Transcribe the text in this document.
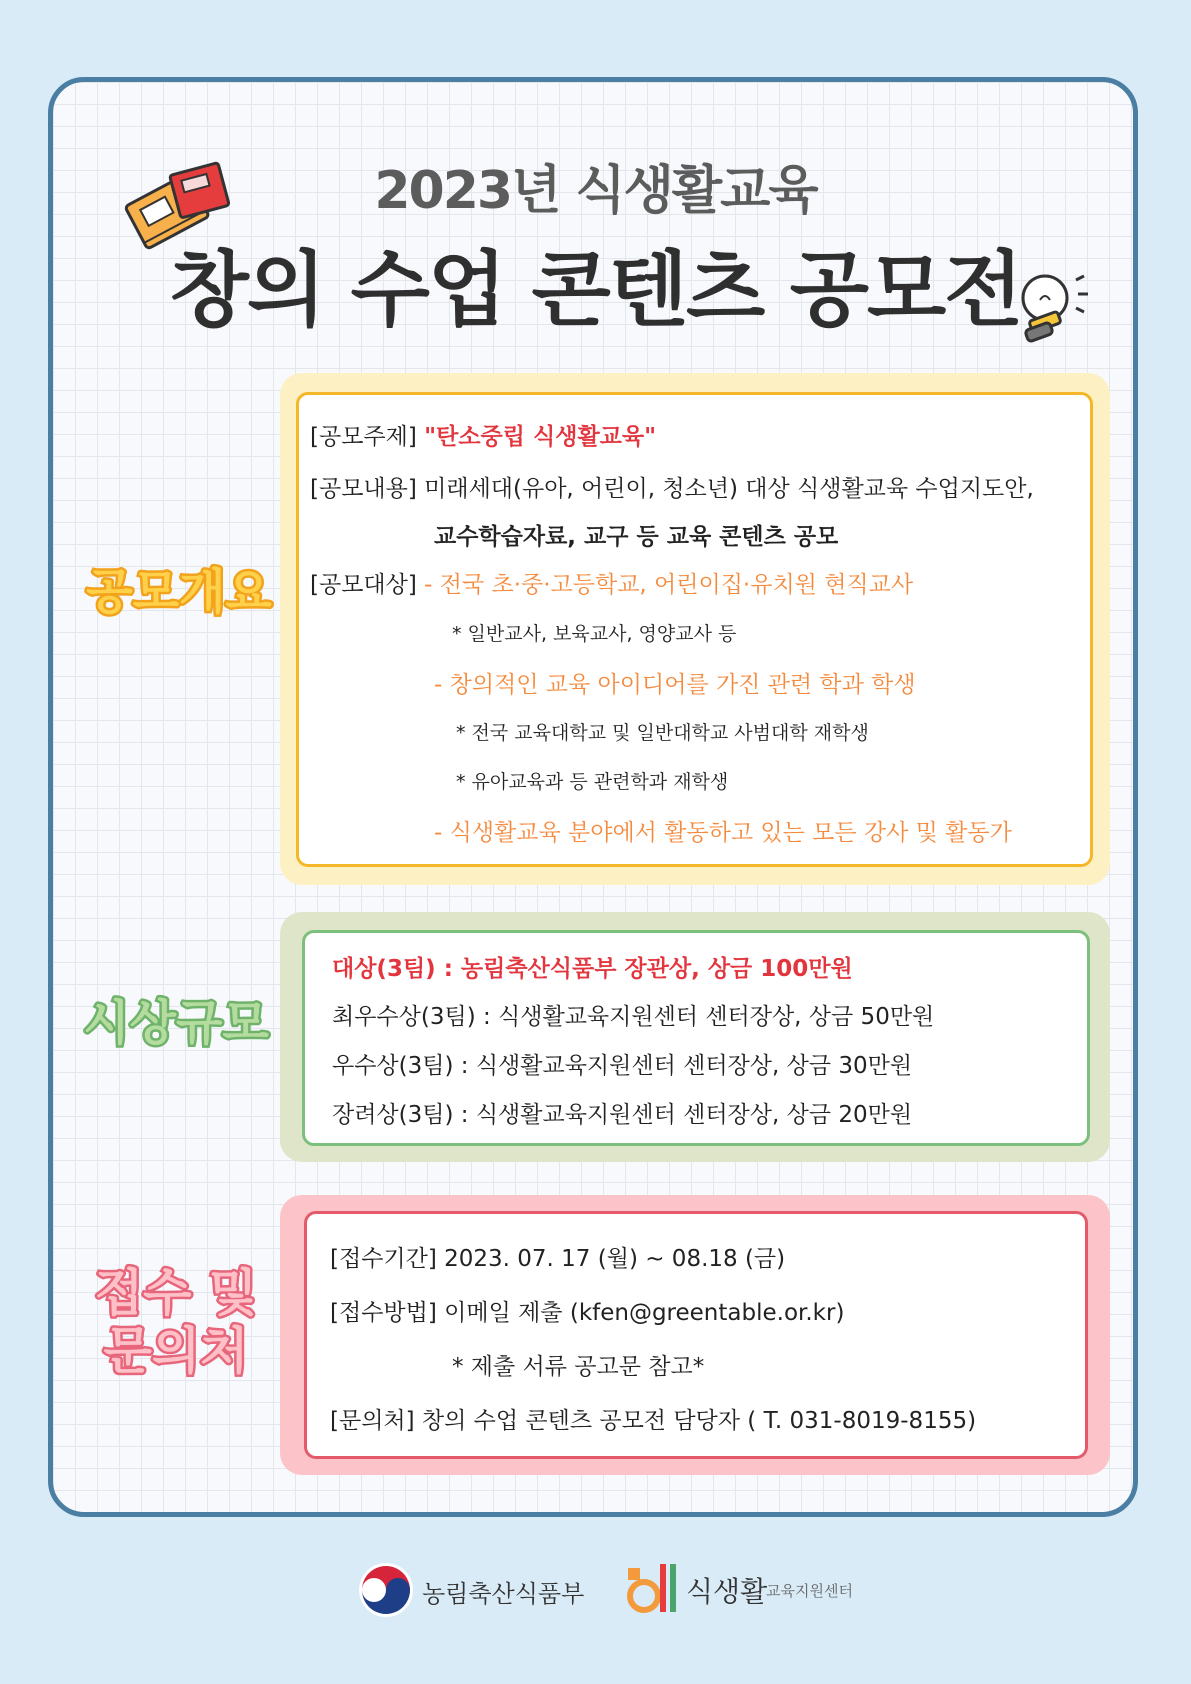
2023년 식생활교육
창의 수업 콘텐츠 공모전
공모개요
[공모주제] "탄소중립 식생활교육"
[공모내용] 미래세대(유아, 어린이, 청소년) 대상 식생활교육 수업지도안,
교수학습자료, 교구 등 교육 콘텐츠 공모
[공모대상] - 전국 초·중·고등학교, 어린이집·유치원 현직교사
* 일반교사, 보육교사, 영양교사 등
- 창의적인 교육 아이디어를 가진 관련 학과 학생
* 전국 교육대학교 및 일반대학교 사범대학 재학생
* 유아교육과 등 관련학과 재학생
- 식생활교육 분야에서 활동하고 있는 모든 강사 및 활동가
시상규모
대상(3팀) : 농림축산식품부 장관상, 상금 100만원
최우수상(3팀) : 식생활교육지원센터 센터장상, 상금 50만원
우수상(3팀) : 식생활교육지원센터 센터장상, 상금 30만원
장려상(3팀) : 식생활교육지원센터 센터장상, 상금 20만원
접수 및
문의처
[접수기간] 2023. 07. 17 (월) ~ 08.18 (금)
[접수방법] 이메일 제출 (kfen@greentable.or.kr)
* 제출 서류 공고문 참고*
[문의처] 창의 수업 콘텐츠 공모전 담당자 ( T. 031-8019-8155)
농림축산식품부	식생활
교육지원센터
